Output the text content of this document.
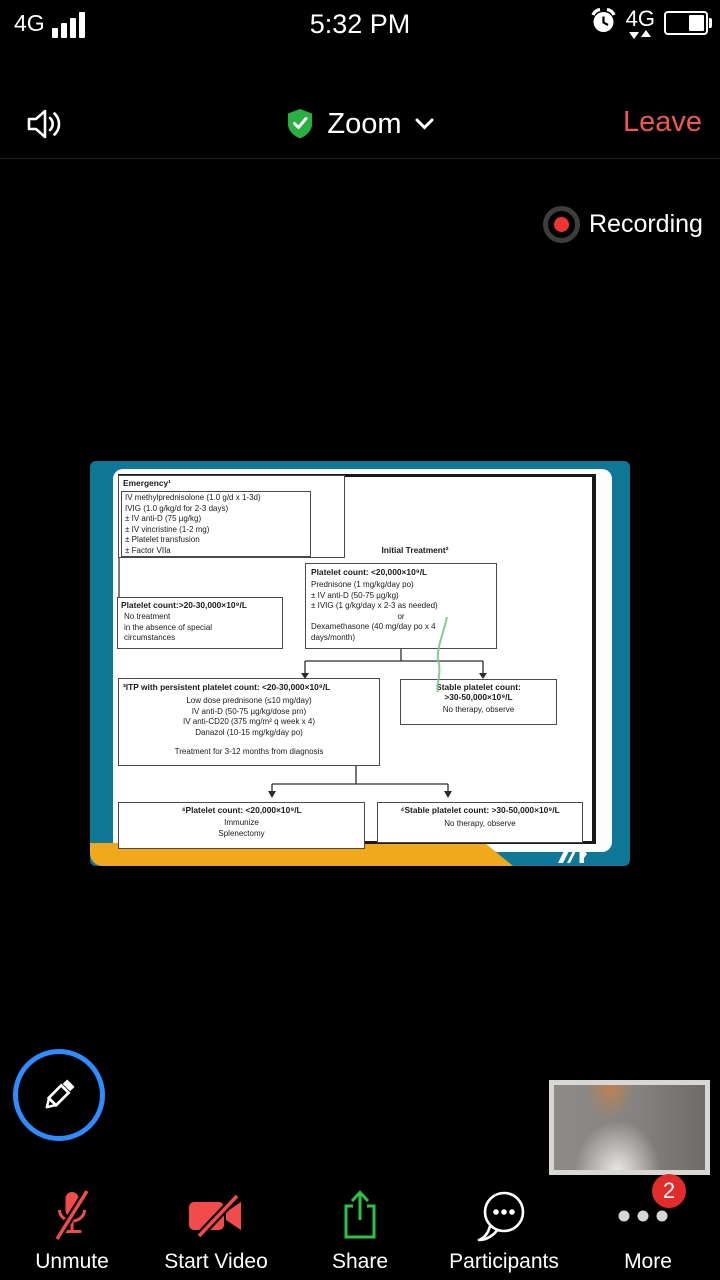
4G	5:32 PM	4G
Zoom	Leave
Recording
Emergency¹
IV methylprednisolone (1.0 g/d x 1-3d)
IVIG (1.0 g/kg/d for 2-3 days)
± IV anti-D (75 µg/kg)
± IV vincristine (1-2 mg)
± Platelet transfusion
± Factor VIIa	Initial Treatment²
Platelet count: <20,000×10⁹/L
Prednisone (1 mg/kg/day po)
± IV anti-D (50-75 µg/kg)
± IVIG (1 g/kg/day x 2-3 as needed)
or
Dexamethasone (40 mg/day po x 4
days/month)
Platelet count:>20-30,000×10⁹/L
No treatment
in the absence of special
circumstances
³ITP with persistent platelet count: <20-30,000×10⁹/L
Low dose prednisone (≤10 mg/day)
IV anti-D (50-75 µg/kg/dose prn)
IV anti-CD20 (375 mg/m² q week x 4)
Danazol (10-15 mg/kg/day po)
Treatment for 3-12 months from diagnosis
Stable platelet count:
>30-50,000×10⁹/L
No therapy, observe
⁴Platelet count: <20,000×10⁹/L
Immunize
Splenectomy
⁴Stable platelet count: >30-50,000×10⁹/L
No therapy, observe
Unmute	Start Video	Share	Participants
2
More
